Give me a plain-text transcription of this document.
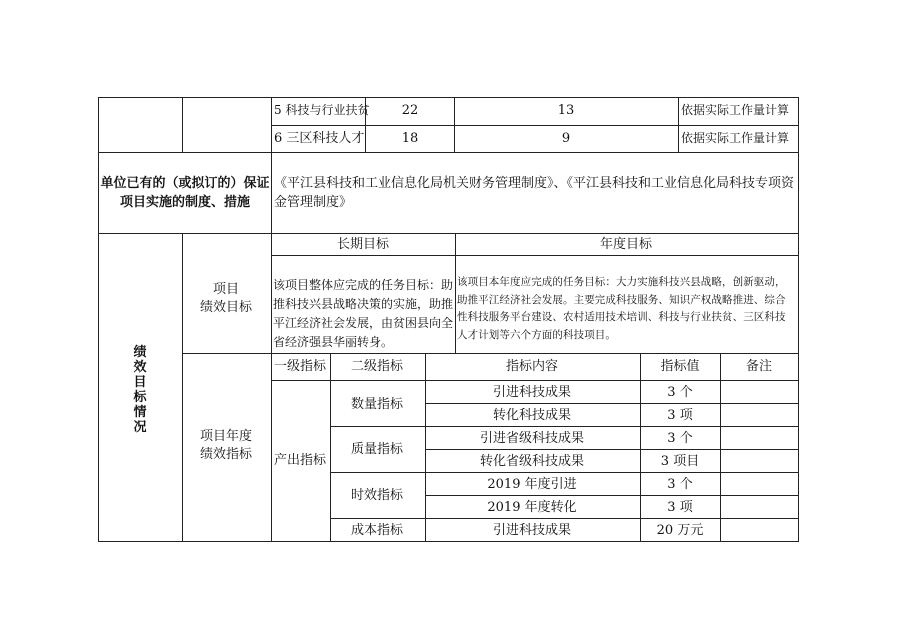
5 科技与行业扶贫 22	13	依据实际工作量计算
6 三区科技人才	18	9	依据实际工作量计算
单位已有的（或拟订的）保证
项目实施的制度、措施
《平江县科技和工业信息化局机关财务管理制度》、《平江县科技和工业信息化局科技专项资
金管理制度》
绩效目标情况
项目
绩效目标
长期目标	年度目标
该项目整体应完成的任务目标：助推科技兴县战略决策的实施，助推平江经济社会发展，由贫困县向全省经济强县华丽转身。
该项目本年度应完成的任务目标：大力实施科技兴县战略，创新驱动，助推平江经济社会发展。主要完成科技服务、知识产权战略推进、综合性科技服务平台建设、农村适用技术培训、科技与行业扶贫、三区科技人才计划等六个方面的科技项目。
项目年度
绩效指标
一级指标 二级指标	指标内容	指标值	备注
产出指标
数量指标
引进科技成果	3 个
转化科技成果	3 项
质量指标
引进省级科技成果	3 个
转化省级科技成果	3 项目
时效指标
2019 年度引进	3 个
2019 年度转化	3 项
成本指标	引进科技成果	20 万元
